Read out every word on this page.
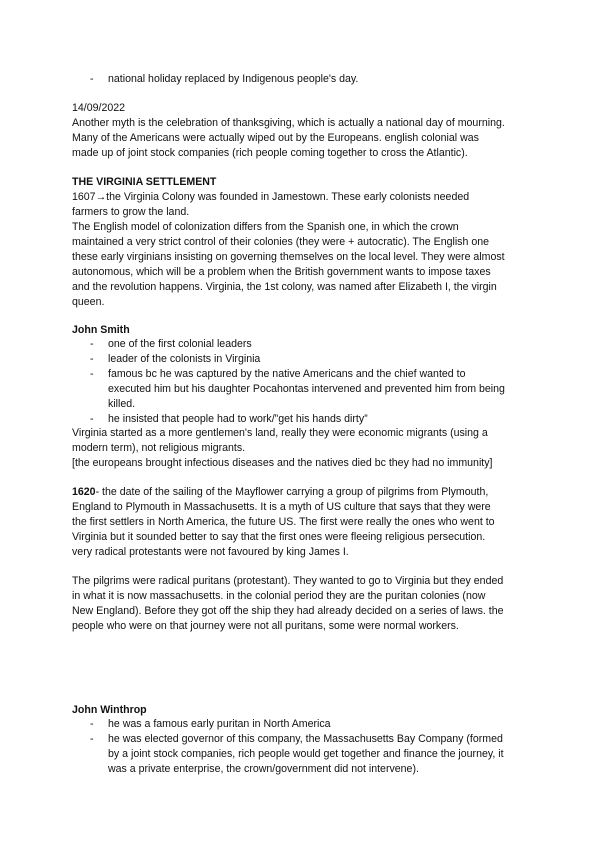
- national holiday replaced by Indigenous people's day.
14/09/2022
Another myth is the celebration of thanksgiving, which is actually a national day of mourning.
Many of the Americans were actually wiped out by the Europeans. english colonial was
made up of joint stock companies (rich people coming together to cross the Atlantic).
THE VIRGINIA SETTLEMENT
1607→the Virginia Colony was founded in Jamestown. These early colonists needed
farmers to grow the land.
The English model of colonization differs from the Spanish one, in which the crown
maintained a very strict control of their colonies (they were + autocratic). The English one
these early virginians insisting on governing themselves on the local level. They were almost
autonomous, which will be a problem when the British government wants to impose taxes
and the revolution happens. Virginia, the 1st colony, was named after Elizabeth I, the virgin
queen.
John Smith
- one of the first colonial leaders
- leader of the colonists in Virginia
- famous bc he was captured by the native Americans and the chief wanted to
executed him but his daughter Pocahontas intervened and prevented him from being
killed.
- he insisted that people had to work/”get his hands dirty”
Virginia started as a more gentlemen's land, really they were economic migrants (using a
modern term), not religious migrants.
[the europeans brought infectious diseases and the natives died bc they had no immunity]
1620- the date of the sailing of the Mayflower carrying a group of pilgrims from Plymouth,
England to Plymouth in Massachusetts. It is a myth of US culture that says that they were
the first settlers in North America, the future US. The first were really the ones who went to
Virginia but it sounded better to say that the first ones were fleeing religious persecution.
very radical protestants were not favoured by king James I.
The pilgrims were radical puritans (protestant). They wanted to go to Virginia but they ended
in what it is now massachusetts. in the colonial period they are the puritan colonies (now
New England). Before they got off the ship they had already decided on a series of laws. the
people who were on that journey were not all puritans, some were normal workers.
John Winthrop
- he was a famous early puritan in North America
- he was elected governor of this company, the Massachusetts Bay Company (formed
by a joint stock companies, rich people would get together and finance the journey, it
was a private enterprise, the crown/government did not intervene).
